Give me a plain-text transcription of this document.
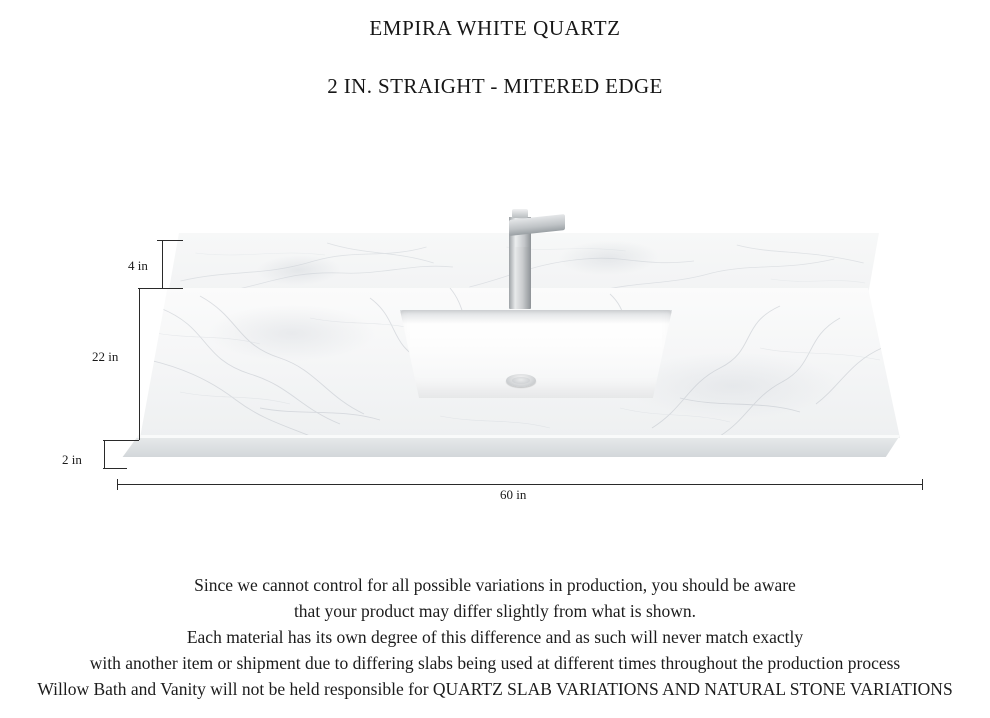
EMPIRA WHITE QUARTZ
2 IN. STRAIGHT - MITERED EDGE
4 in
22 in
2 in
60 in
Since we cannot control for all possible variations in production, you should be aware
that your product may differ slightly from what is shown.
Each material has its own degree of this difference and as such will never match exactly
with another item or shipment due to differing slabs being used at different times throughout the production process
Willow Bath and Vanity will not be held responsible for QUARTZ SLAB VARIATIONS AND NATURAL STONE VARIATIONS
